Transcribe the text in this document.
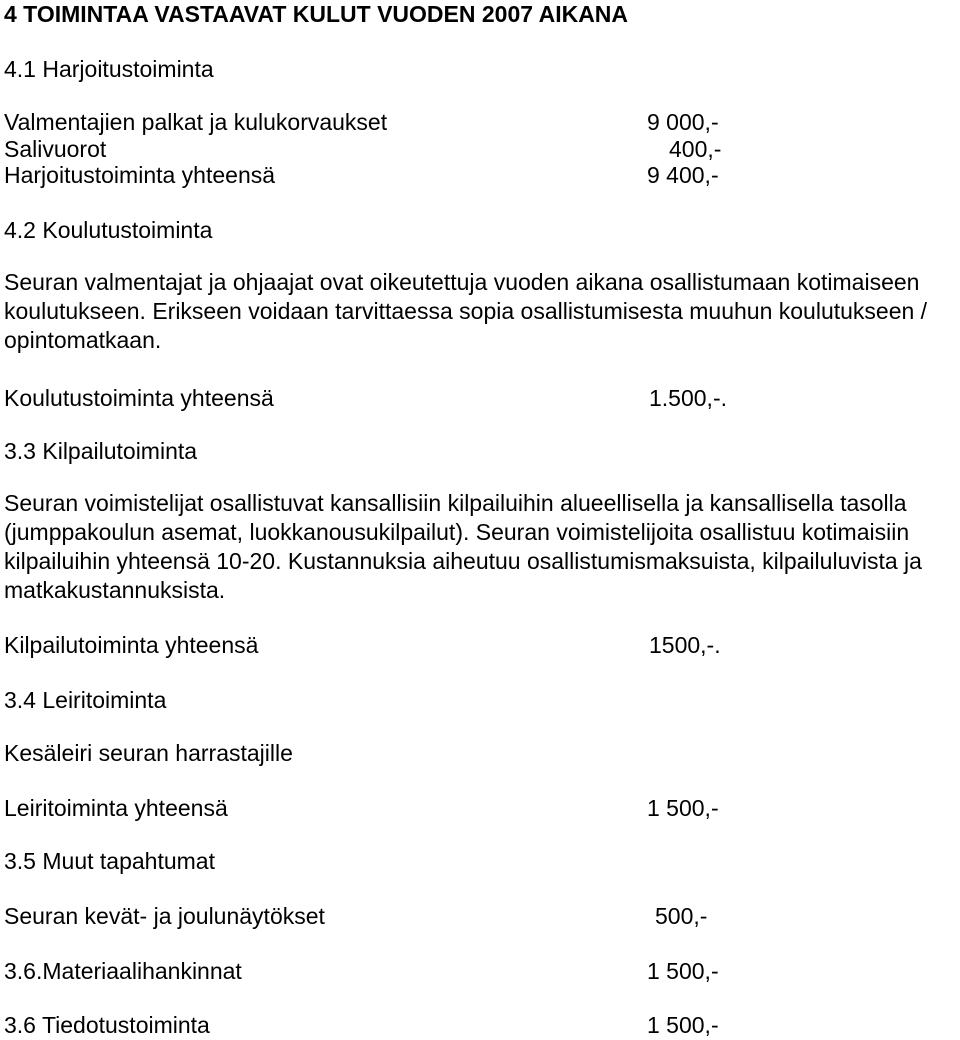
4 TOIMINTAA VASTAAVAT KULUT VUODEN 2007 AIKANA
4.1 Harjoitustoiminta
Valmentajien palkat ja kulukorvaukset	9 000,-
Salivuorot	400,-
Harjoitustoiminta yhteensä	9 400,-
4.2 Koulutustoiminta
Seuran valmentajat ja ohjaajat ovat oikeutettuja vuoden aikana osallistumaan kotimaiseen koulutukseen. Erikseen voidaan tarvittaessa sopia osallistumisesta muuhun koulutukseen / opintomatkaan.
Koulutustoiminta yhteensä	1.500,-.
3.3 Kilpailutoiminta
Seuran voimistelijat osallistuvat kansallisiin kilpailuihin alueellisella ja kansallisella tasolla (jumppakoulun asemat, luokkanousukilpailut). Seuran voimistelijoita osallistuu kotimaisiin kilpailuihin yhteensä 10-20. Kustannuksia aiheutuu osallistumismaksuista, kilpailuluvista ja matkakustannuksista.
Kilpailutoiminta yhteensä	1500,-.
3.4 Leiritoiminta
Kesäleiri seuran harrastajille
Leiritoiminta yhteensä	1 500,-
3.5 Muut tapahtumat
Seuran kevät- ja joulunäytökset	500,-
3.6.Materiaalihankinnat	1 500,-
3.6 Tiedotustoiminta	1 500,-
